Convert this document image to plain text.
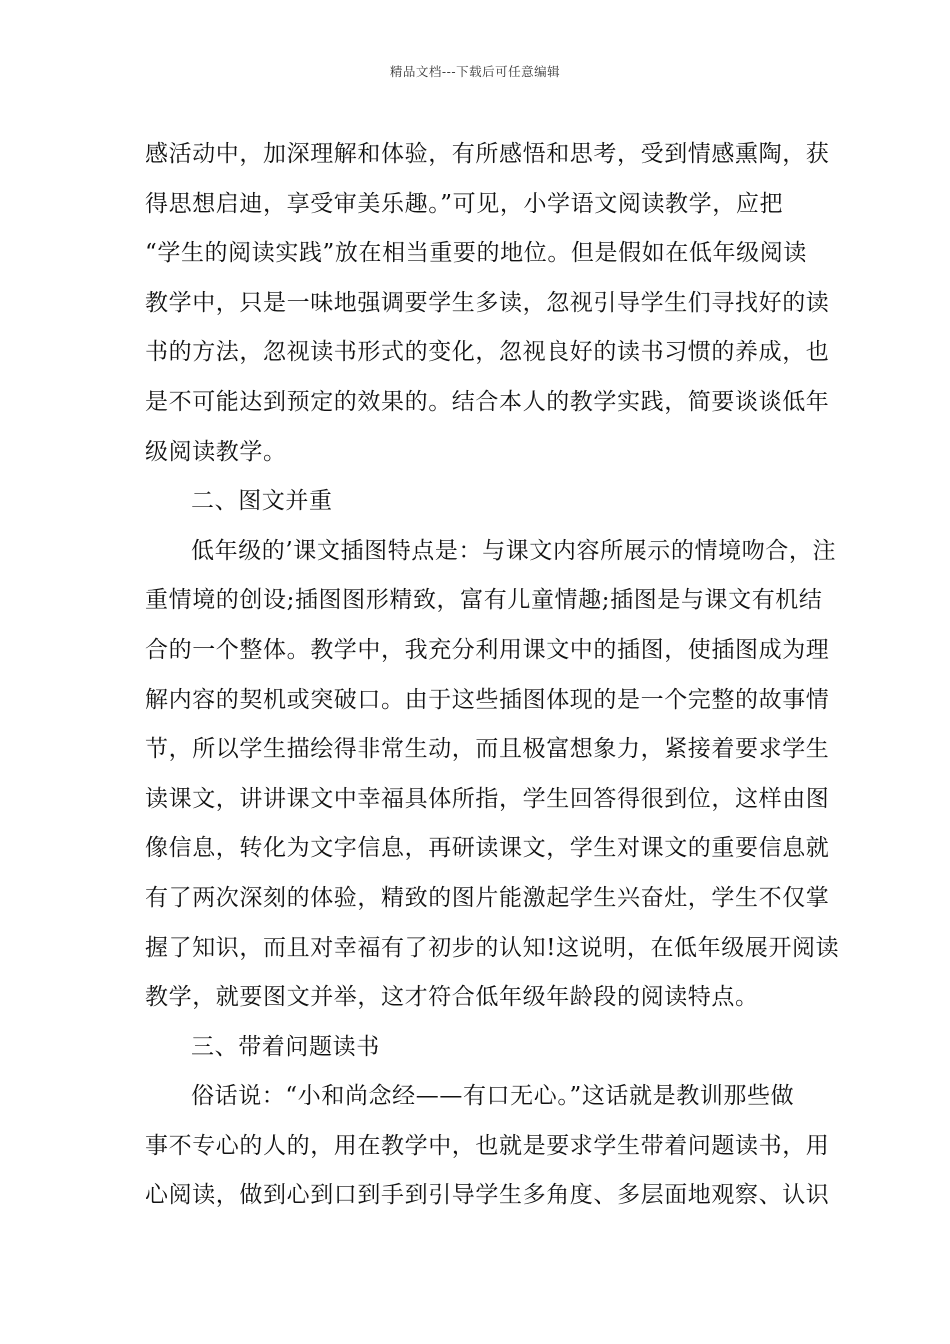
精品文档---下载后可任意编辑
感活动中，加深理解和体验，有所感悟和思考，受到情感熏陶，获
得思想启迪，享受审美乐趣。”可见，小学语文阅读教学，应把
“学生的阅读实践”放在相当重要的地位。但是假如在低年级阅读
教学中，只是一味地强调要学生多读，忽视引导学生们寻找好的读
书的方法，忽视读书形式的变化，忽视良好的读书习惯的养成，也
是不可能达到预定的效果的。结合本人的教学实践，简要谈谈低年
级阅读教学。
二、图文并重
低年级的’课文插图特点是：与课文内容所展示的情境吻合，注
重情境的创设;插图图形精致，富有儿童情趣;插图是与课文有机结
合的一个整体。教学中，我充分利用课文中的插图，使插图成为理
解内容的契机或突破口。由于这些插图体现的是一个完整的故事情
节，所以学生描绘得非常生动，而且极富想象力，紧接着要求学生
读课文，讲讲课文中幸福具体所指，学生回答得很到位，这样由图
像信息，转化为文字信息，再研读课文，学生对课文的重要信息就
有了两次深刻的体验，精致的图片能激起学生兴奋灶，学生不仅掌
握了知识，而且对幸福有了初步的认知!这说明，在低年级展开阅读
教学，就要图文并举，这才符合低年级年龄段的阅读特点。
三、带着问题读书
俗话说：“小和尚念经——有口无心。”这话就是教训那些做
事不专心的人的，用在教学中，也就是要求学生带着问题读书，用
心阅读，做到心到口到手到引导学生多角度、多层面地观察、认识
